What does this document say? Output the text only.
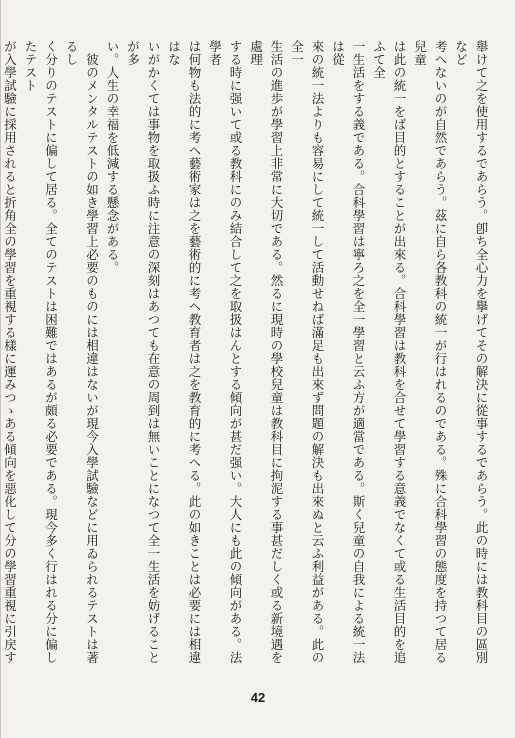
舉けて之を使用するであらう。卽ち全心力を擧げてその解決に從事するであらう。此の時には教科目の區別など

考へないのが自然であらう。茲に自ら各教科の統一が行はれるのである。殊に合科學習の態度を持つて居る兒童

は此の統一をば目的とすることが出來る。合科學習は教科を合せて學習する意義でなくて或る生活目的を追ふて全

一生活をする義である。合科學習は寧ろ之を全一學習と云ふ方が適當である。斯く兒童の自我による統一法は從

來の統一法よりも容易にして統一して活動せねば滿足も出來ず問題の解決も出來ぬと云ふ利益がある。此の全一

生活の進歩が學習上非常に大切である。然るに現時の學校兒童は教科目に拘泥する事甚だしく或る新境遇を處理

する時に强いて或る教科にのみ結合して之を取扱はんとする傾向が甚だ强い。大人にも此の傾向がある。法學者

は何物も法的に考へ藝術家は之を藝術的に考へ教育者は之を教育的に考へる。此の如きことは必要には相違はな

いがかくては事物を取扱ふ時に注意の深刻はあつても在意の周到は無いことになつて全一生活を妨げることが多

い。人生の幸福を低減する懸念がある。

　彼のメンタルテストの如き學習上必要のものには相違はないが現今入學試驗などに用ゐられるテストは著るし

く分りのテストに偏して居る。全てのテストは困難ではあるが頗る必要である。現今多く行はれる分に偏したテスト

が入學試驗に採用されると折角全の學習を重視する樣に運みつゝある傾向を惡化して分の學習重視に引戻す

42
